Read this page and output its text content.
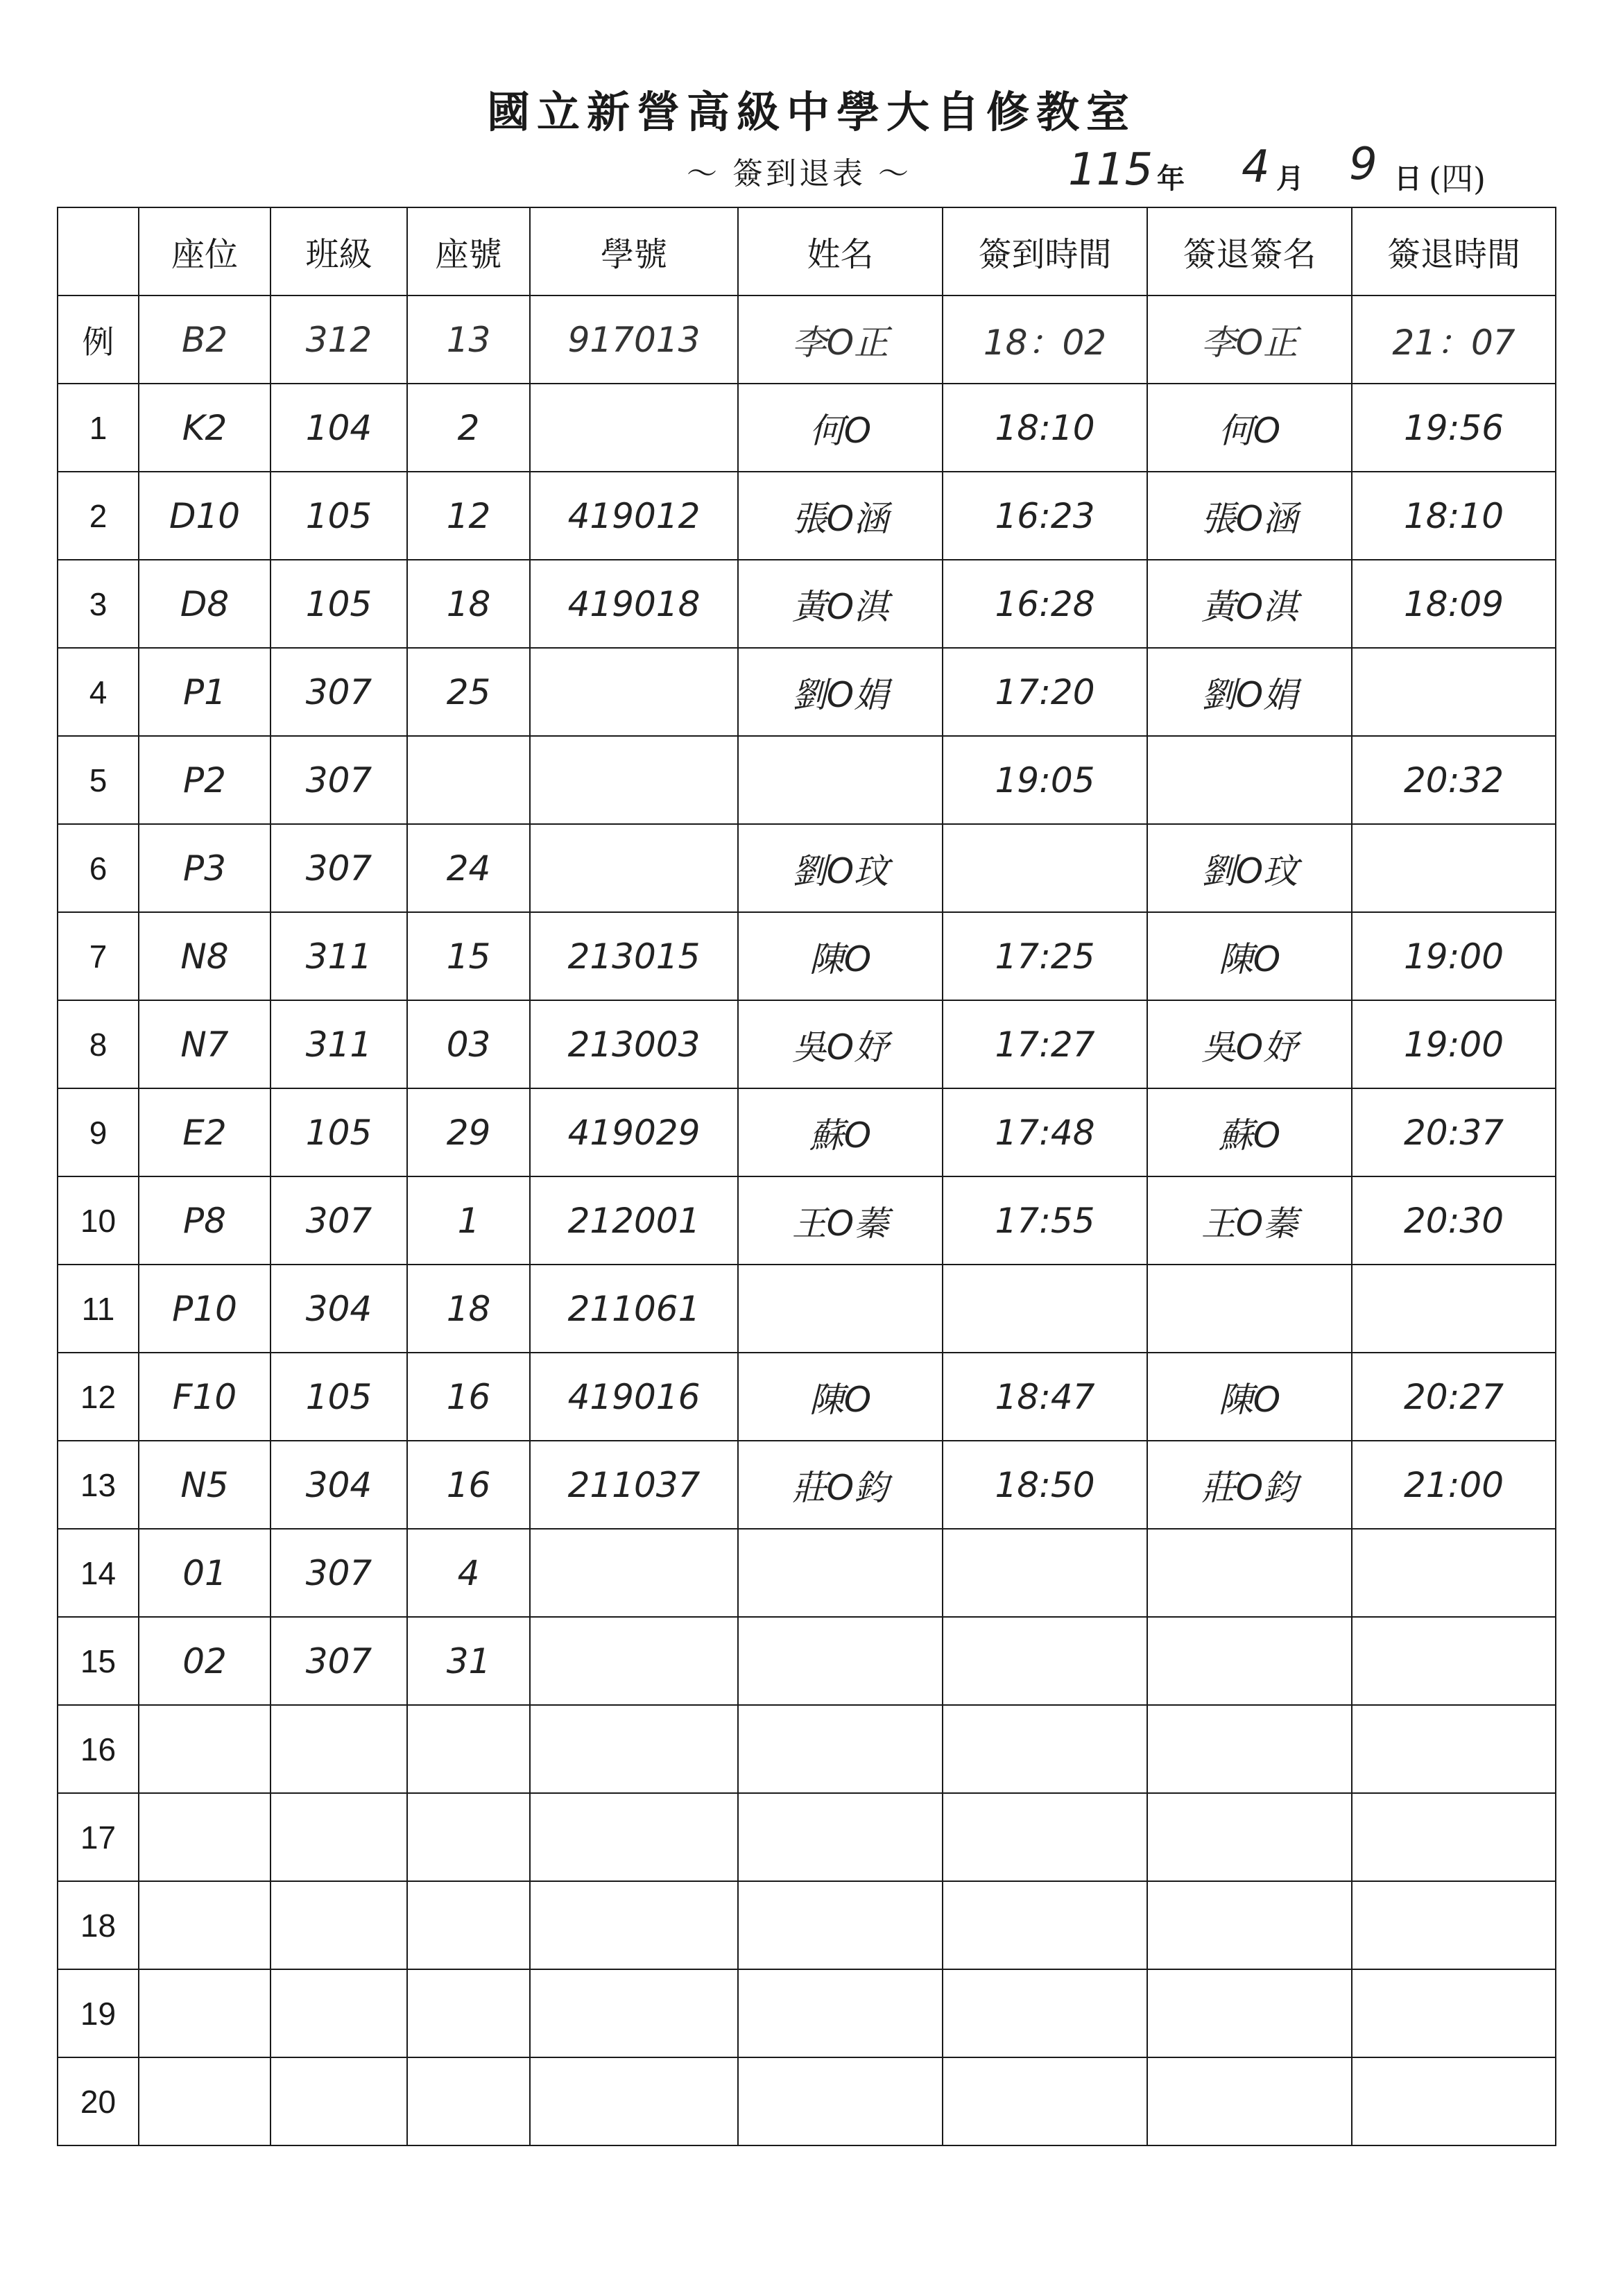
國立新營高級中學大自修教室
～ 簽到退表 ～	115 年 4 月 9 日 (四)
	座位	班級	座號	學號	姓名	簽到時間	簽退簽名	簽退時間
例	B2	312	13	917013	李O正	18：02	李O正	21：07
1	K2	104	2		何O	18:10	何O	19:56
2	D10	105	12	419012	張O涵	16:23	張O涵	18:10
3	D8	105	18	419018	黃O淇	16:28	黃O淇	18:09
4	P1	307	25		劉O娟	17:20	劉O娟	
5	P2	307				19:05		20:32
6	P3	307	24		劉O玟		劉O玟	
7	N8	311	15	213015	陳O	17:25	陳O	19:00
8	N7	311	03	213003	吳O妤	17:27	吳O妤	19:00
9	E2	105	29	419029	蘇O	17:48	蘇O	20:37
10	P8	307	1	212001	王O蓁	17:55	王O蓁	20:30
11	P10	304	18	211061				
12	F10	105	16	419016	陳O	18:47	陳O	20:27
13	N5	304	16	211037	莊O鈞	18:50	莊O鈞	21:00
14	01	307	4					
15	02	307	31					
16								
17								
18								
19								
20								
